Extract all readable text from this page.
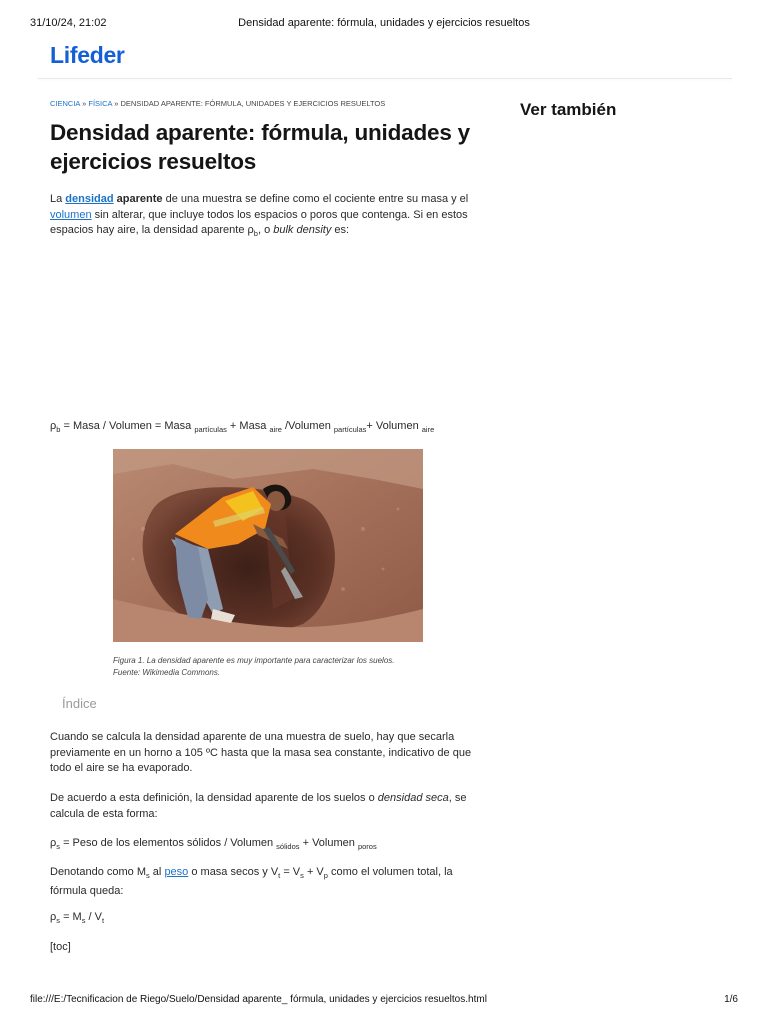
31/10/24, 21:02	Densidad aparente: fórmula, unidades y ejercicios resueltos
Lifeder
CIENCIA » FÍSICA » DENSIDAD APARENTE: FÓRMULA, UNIDADES Y EJERCICIOS RESUELTOS
Densidad aparente: fórmula, unidades y ejercicios resueltos
Ver también

La densidad aparente de una muestra se define como el cociente entre su masa y el volumen sin alterar, que incluye todos los espacios o poros que contenga. Si en estos espacios hay aire, la densidad aparente $\rho_b$, o bulk density es:

$\rho_b$ = Masa / Volumen = Masa $_{partículas}$ + Masa $_{aire}$ /Volumen $_{partículas}$+ Volumen $_{aire}$

Figura 1. La densidad aparente es muy importante para caracterizar los suelos.
Fuente: Wikimedia Commons.

Índice

Cuando se calcula la densidad aparente de una muestra de suelo, hay que secarla previamente en un horno a 105 ºC hasta que la masa sea constante, indicativo de que todo el aire se ha evaporado.

De acuerdo a esta definición, la densidad aparente de los suelos o densidad seca, se calcula de esta forma:

$\rho_s$ = Peso de los elementos sólidos / Volumen $_{sólidos}$ + Volumen $_{poros}$

Denotando como $M_s$ al peso o masa secos y $V_t = V_s + V_p$ como el volumen total, la fórmula queda:

$\rho_s = M_s / V_t$

[toc]

file:///E:/Tecnificacion de Riego/Suelo/Densidad aparente_ fórmula, unidades y ejercicios resueltos.html	1/6
